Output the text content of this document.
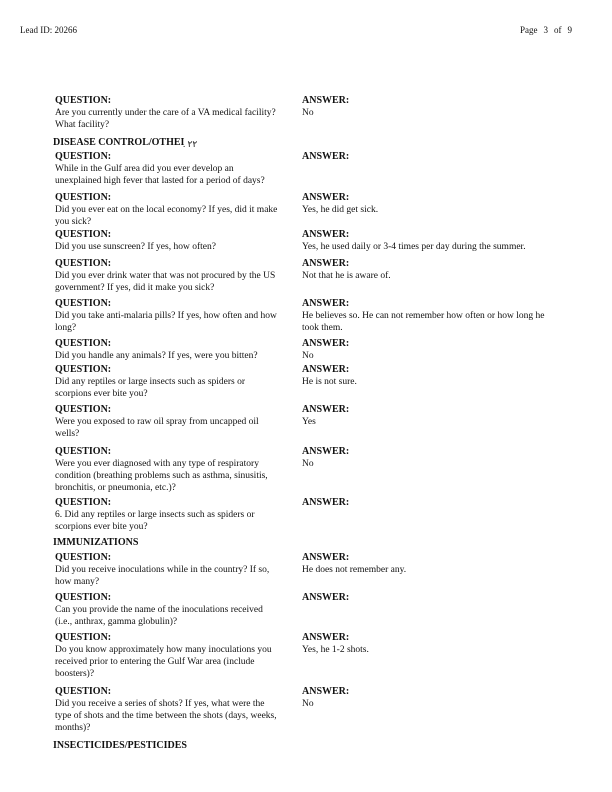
Lead ID: 20266	Page 3 of 9
QUESTION:
Are you currently under the care of a VA medical facility? What facility?
ANSWER:
No
DISEASE CONTROL/OTHEI
. ٢٢
QUESTION:
While in the Gulf area did you ever develop an unexplained high fever that lasted for a period of days?
ANSWER:
QUESTION:
Did you ever eat on the local economy? If yes, did it make you sick?
ANSWER:
Yes, he did get sick.
QUESTION:
Did you use sunscreen? If yes, how often?
ANSWER:
Yes, he used daily or 3-4 times per day during the summer.
QUESTION:
Did you ever drink water that was not procured by the US government? If yes, did it make you sick?
ANSWER:
Not that he is aware of.
QUESTION:
Did you take anti-malaria pills? If yes, how often and how long?
ANSWER:
He believes so. He can not remember how often or how long he took them.
QUESTION:
Did you handle any animals? If yes, were you bitten?
ANSWER:
No
QUESTION:
Did any reptiles or large insects such as spiders or scorpions ever bite you?
ANSWER:
He is not sure.
QUESTION:
Were you exposed to raw oil spray from uncapped oil wells?
ANSWER:
Yes
QUESTION:
Were you ever diagnosed with any type of respiratory condition (breathing problems such as asthma, sinusitis, bronchitis, or pneumonia, etc.)?
ANSWER:
No
QUESTION:
6. Did any reptiles or large insects such as spiders or scorpions ever bite you?
ANSWER:
IMMUNIZATIONS
QUESTION:
Did you receive inoculations while in the country? If so, how many?
ANSWER:
He does not remember any.
QUESTION:
Can you provide the name of the inoculations received (i.e., anthrax, gamma globulin)?
ANSWER:
QUESTION:
Do you know approximately how many inoculations you received prior to entering the Gulf War area (include boosters)?
ANSWER:
Yes, he 1-2 shots.
QUESTION:
Did you receive a series of shots? If yes, what were the type of shots and the time between the shots (days, weeks, months)?
ANSWER:
No
INSECTICIDES/PESTICIDES
